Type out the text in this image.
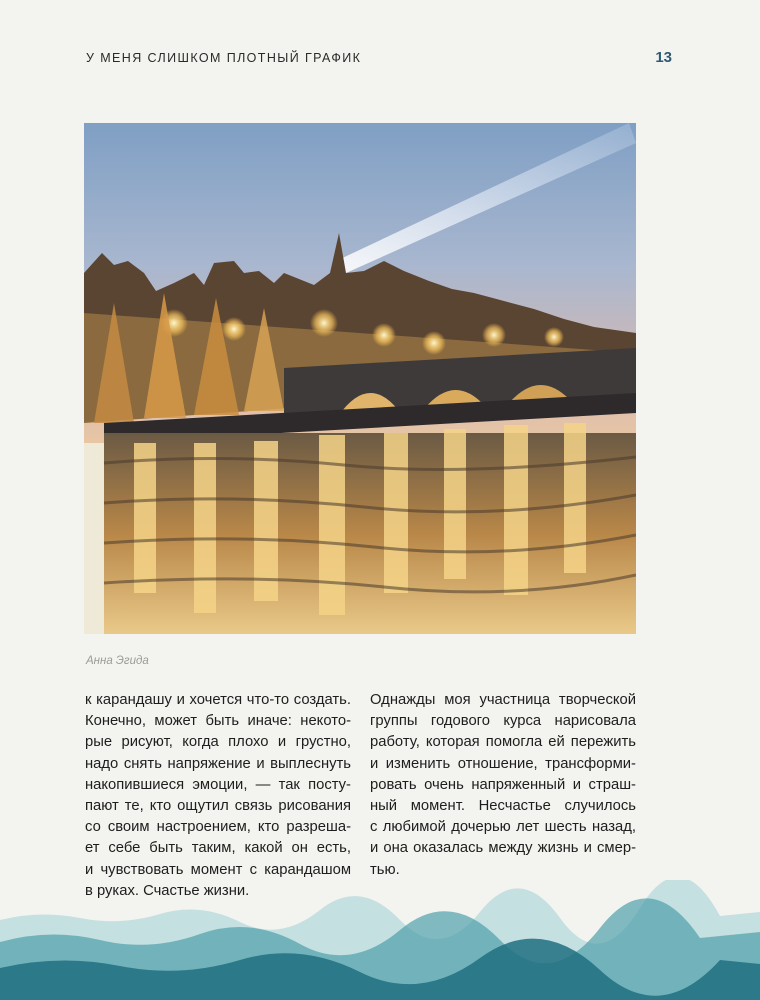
У МЕНЯ СЛИШКОМ ПЛОТНЫЙ ГРАФИК	13
Анна Эгида
к карандашу и хочется что-то создать.
Конечно, может быть иначе: некото-
рые рисуют, когда плохо и грустно,
надо снять напряжение и выплеснуть
накопившиеся эмоции, — так посту-
пают те, кто ощутил связь рисования
со своим настроением, кто разреша-
ет себе быть таким, какой он есть,
и чувствовать момент с карандашом
в руках. Счастье жизни.
Однажды моя участница творческой
группы годового курса нарисовала
работу, которая помогла ей пережить
и изменить отношение, трансформи-
ровать очень напряженный и страш-
ный момент. Несчастье случилось
с любимой дочерью лет шесть назад,
и она оказалась между жизнь и смер-
тью.
